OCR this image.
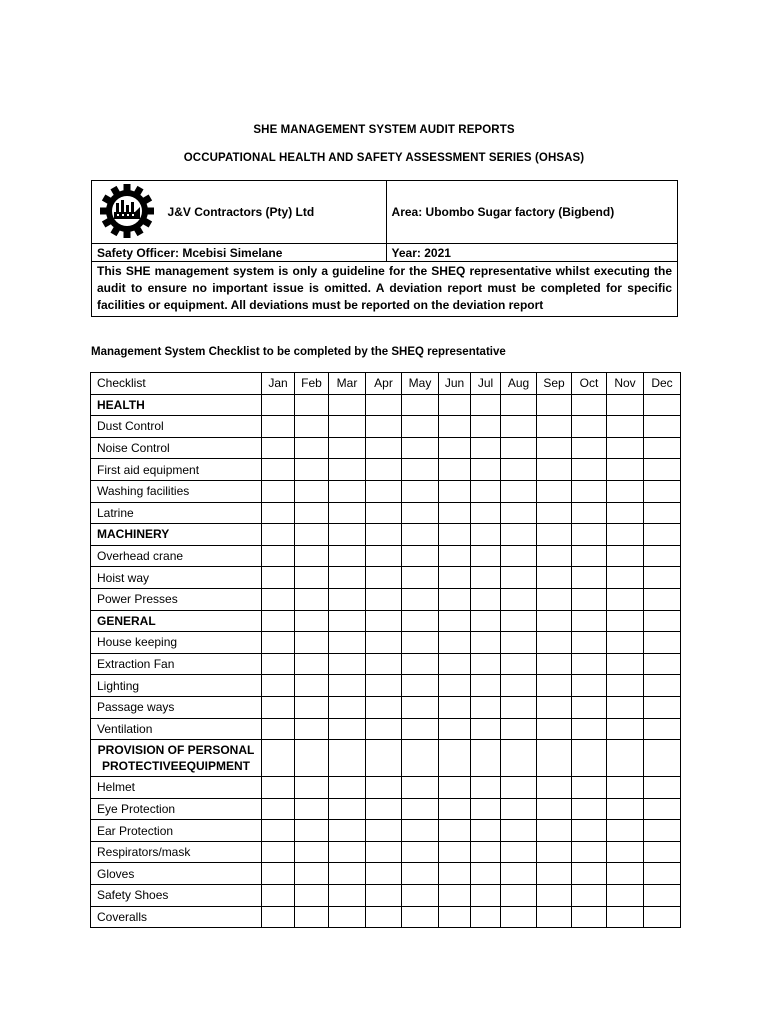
SHE MANAGEMENT SYSTEM AUDIT REPORTS
OCCUPATIONAL HEALTH AND SAFETY ASSESSMENT SERIES (OHSAS)
	J&V Contractors (Pty) Ltd	Area: Ubombo Sugar factory (Bigbend)
Safety Officer: Mcebisi Simelane		Year: 2021
This SHE management system is only a guideline for the SHEQ representative whilst executing the audit to ensure no important issue is omitted. A deviation report must be completed for specific facilities or equipment. All deviations must be reported on the deviation report		
Management System Checklist to be completed by the SHEQ representative
Checklist	Jan	Feb	Mar	Apr	May	Jun	Jul	Aug	Sep	Oct	Nov	Dec
HEALTH												
Dust Control												
Noise Control												
First aid equipment												
Washing facilities												
Latrine												
MACHINERY												
Overhead crane												
Hoist way												
Power Presses												
GENERAL												
House keeping												
Extraction Fan												
Lighting												
Passage ways												
Ventilation												
PROVISION OF PERSONAL PROTECTIVEEQUIPMENT												
Helmet												
Eye Protection												
Ear Protection												
Respirators/mask												
Gloves												
Safety Shoes												
Coveralls												
